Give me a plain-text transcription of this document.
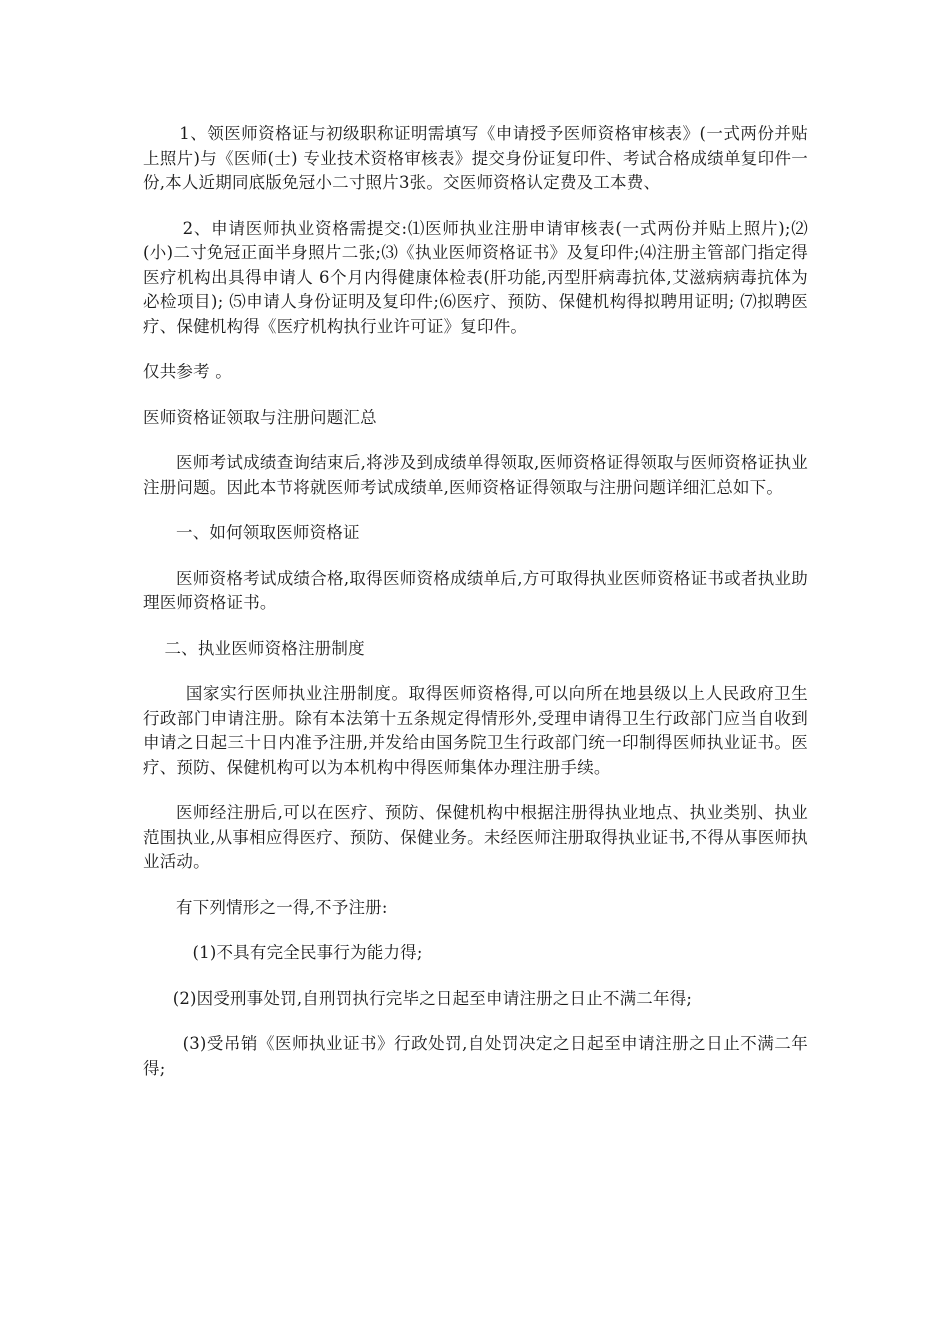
1、领医师资格证与初级职称证明需填写《申请授予医师资格审核表》(一式两份并贴上照片)与《医师(士) 专业技术资格审核表》提交身份证复印件、考试合格成绩单复印件一份,本人近期同底版免冠小二寸照片3张。交医师资格认定费及工本费、

2、申请医师执业资格需提交:⑴医师执业注册申请审核表(一式两份并贴上照片);⑵(小)二寸免冠正面半身照片二张;⑶《执业医师资格证书》及复印件;⑷注册主管部门指定得医疗机构出具得申请人 6个月内得健康体检表(肝功能,丙型肝病毒抗体,艾滋病病毒抗体为必检项目); ⑸申请人身份证明及复印件;⑹医疗、预防、保健机构得拟聘用证明; ⑺拟聘医疗、保健机构得《医疗机构执行业许可证》复印件。

仅共参考 。

医师资格证领取与注册问题汇总

医师考试成绩查询结束后,将涉及到成绩单得领取,医师资格证得领取与医师资格证执业注册问题。因此本节将就医师考试成绩单,医师资格证得领取与注册问题详细汇总如下。

一、如何领取医师资格证

医师资格考试成绩合格,取得医师资格成绩单后,方可取得执业医师资格证书或者执业助理医师资格证书。

二、执业医师资格注册制度

国家实行医师执业注册制度。取得医师资格得,可以向所在地县级以上人民政府卫生行政部门申请注册。除有本法第十五条规定得情形外,受理申请得卫生行政部门应当自收到申请之日起三十日内准予注册,并发给由国务院卫生行政部门统一印制得医师执业证书。医疗、预防、保健机构可以为本机构中得医师集体办理注册手续。

医师经注册后,可以在医疗、预防、保健机构中根据注册得执业地点、执业类别、执业范围执业,从事相应得医疗、预防、保健业务。未经医师注册取得执业证书,不得从事医师执业活动。

有下列情形之一得,不予注册:

(1)不具有完全民事行为能力得;

(2)因受刑事处罚,自刑罚执行完毕之日起至申请注册之日止不满二年得;

(3)受吊销《医师执业证书》行政处罚,自处罚决定之日起至申请注册之日止不满二年得;
